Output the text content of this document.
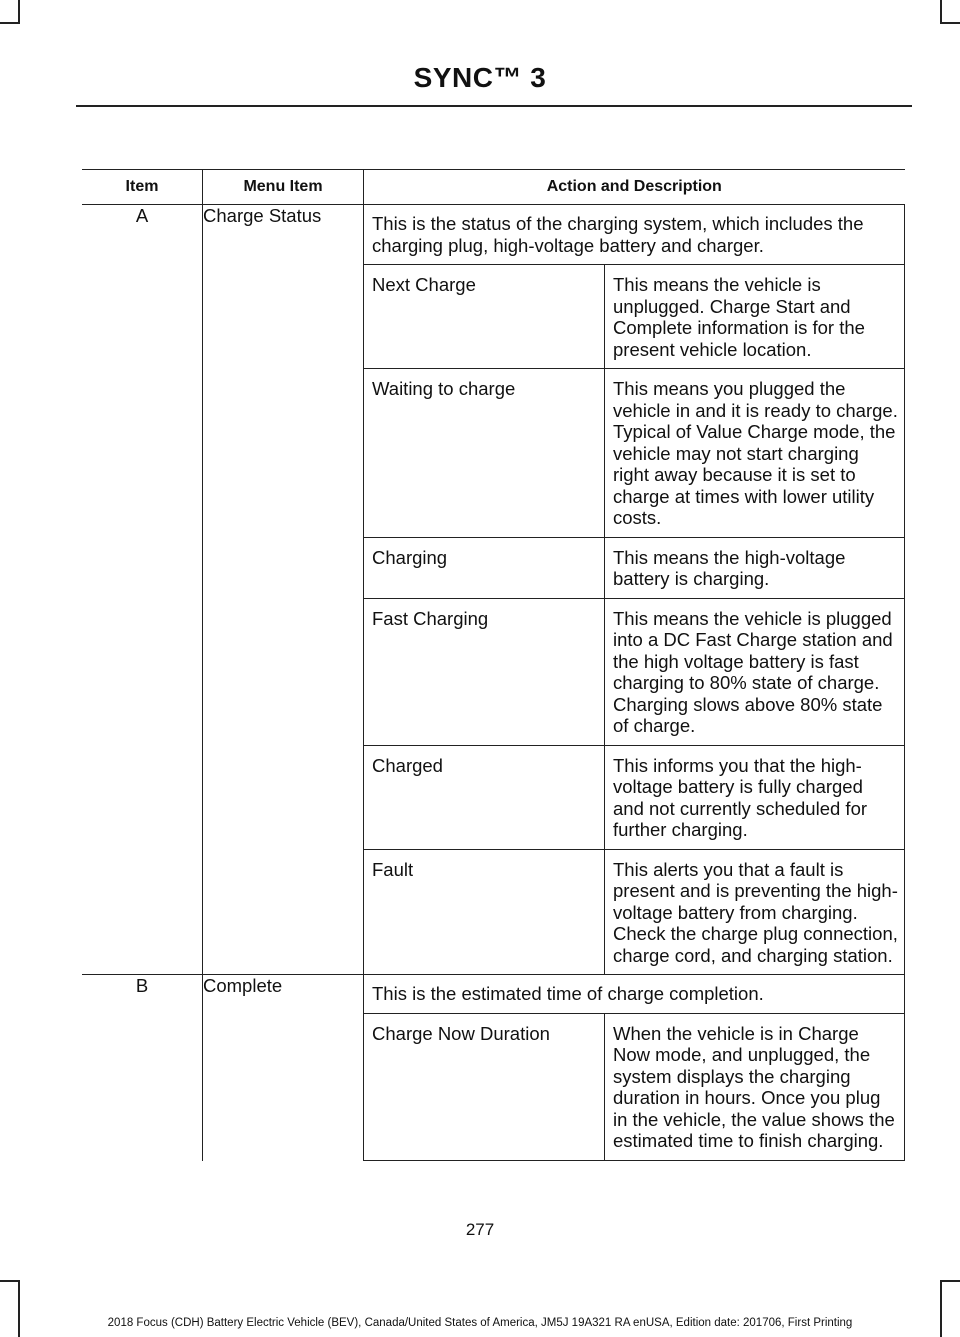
SYNC™ 3
Item	Menu Item	Action and Description
A	Charge Status	This is the status of the charging system, which includes the charging plug, high-voltage battery and charger.
Next Charge	This means the vehicle is unplugged. Charge Start and Complete information is for the present vehicle location.
Waiting to charge	This means you plugged the vehicle in and it is ready to charge. Typical of Value Charge mode, the vehicle may not start charging right away because it is set to charge at times with lower utility costs.
Charging	This means the high-voltage battery is charging.
Fast Charging	This means the vehicle is plugged into a DC Fast Charge station and the high voltage battery is fast charging to 80% state of charge. Charging slows above 80% state of charge.
Charged	This informs you that the high-voltage battery is fully charged and not currently scheduled for further charging.
Fault	This alerts you that a fault is present and is preventing the high-voltage battery from charging. Check the charge plug connection, charge cord, and charging station.

B	Complete	This is the estimated time of charge completion.
Charge Now Duration	When the vehicle is in Charge Now mode, and unplugged, the system displays the charging duration in hours. Once you plug in the vehicle, the value shows the estimated time to finish charging.
277
2018 Focus (CDH) Battery Electric Vehicle (BEV), Canada/United States of America, JM5J 19A321 RA enUSA, Edition date: 201706, First Printing
